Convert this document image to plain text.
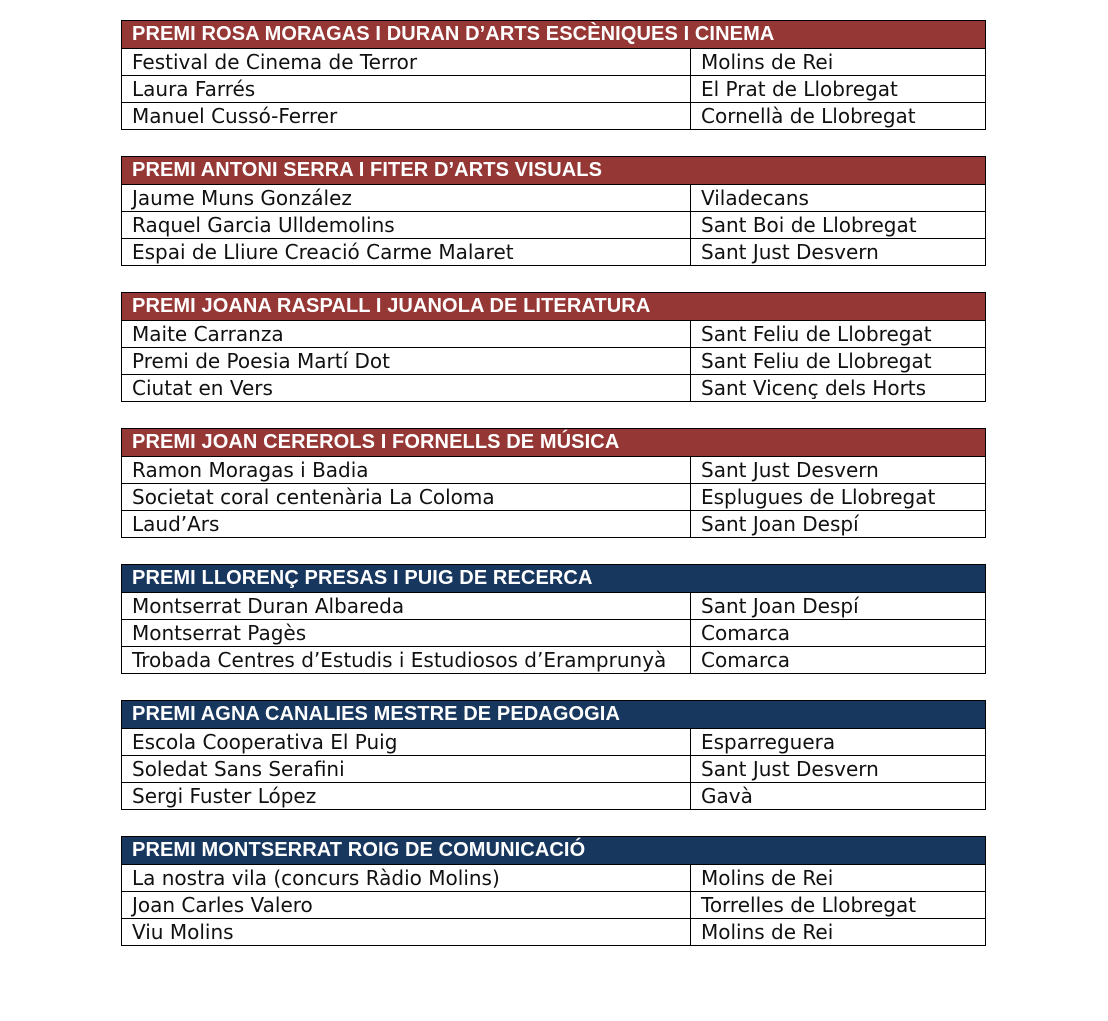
PREMI ROSA MORAGAS I DURAN D’ARTS ESCÈNIQUES I CINEMA	
Festival de Cinema de Terror	Molins de Rei
Laura Farrés	El Prat de Llobregat
Manuel Cussó-Ferrer	Cornellà de Llobregat
PREMI ANTONI SERRA I FITER D’ARTS VISUALS	
Jaume Muns González	Viladecans
Raquel Garcia Ulldemolins	Sant Boi de Llobregat
Espai de Lliure Creació Carme Malaret	Sant Just Desvern
PREMI JOANA RASPALL I JUANOLA DE LITERATURA	
Maite Carranza	Sant Feliu de Llobregat
Premi de Poesia Martí Dot	Sant Feliu de Llobregat
Ciutat en Vers	Sant Vicenç dels Horts
PREMI JOAN CEREROLS I FORNELLS DE MÚSICA	
Ramon Moragas i Badia	Sant Just Desvern
Societat coral centenària La Coloma	Esplugues de Llobregat
Laud’Ars	Sant Joan Despí
PREMI LLORENÇ PRESAS I PUIG DE RECERCA	
Montserrat Duran Albareda	Sant Joan Despí
Montserrat Pagès	Comarca
Trobada Centres d’Estudis i Estudiosos d’Eramprunyà	Comarca
PREMI AGNA CANALIES MESTRE DE PEDAGOGIA	
Escola Cooperativa El Puig	Esparreguera
Soledat Sans Serafini	Sant Just Desvern
Sergi Fuster López	Gavà
PREMI MONTSERRAT ROIG DE COMUNICACIÓ	
La nostra vila (concurs Ràdio Molins)	Molins de Rei
Joan Carles Valero	Torrelles de Llobregat
Viu Molins	Molins de Rei
